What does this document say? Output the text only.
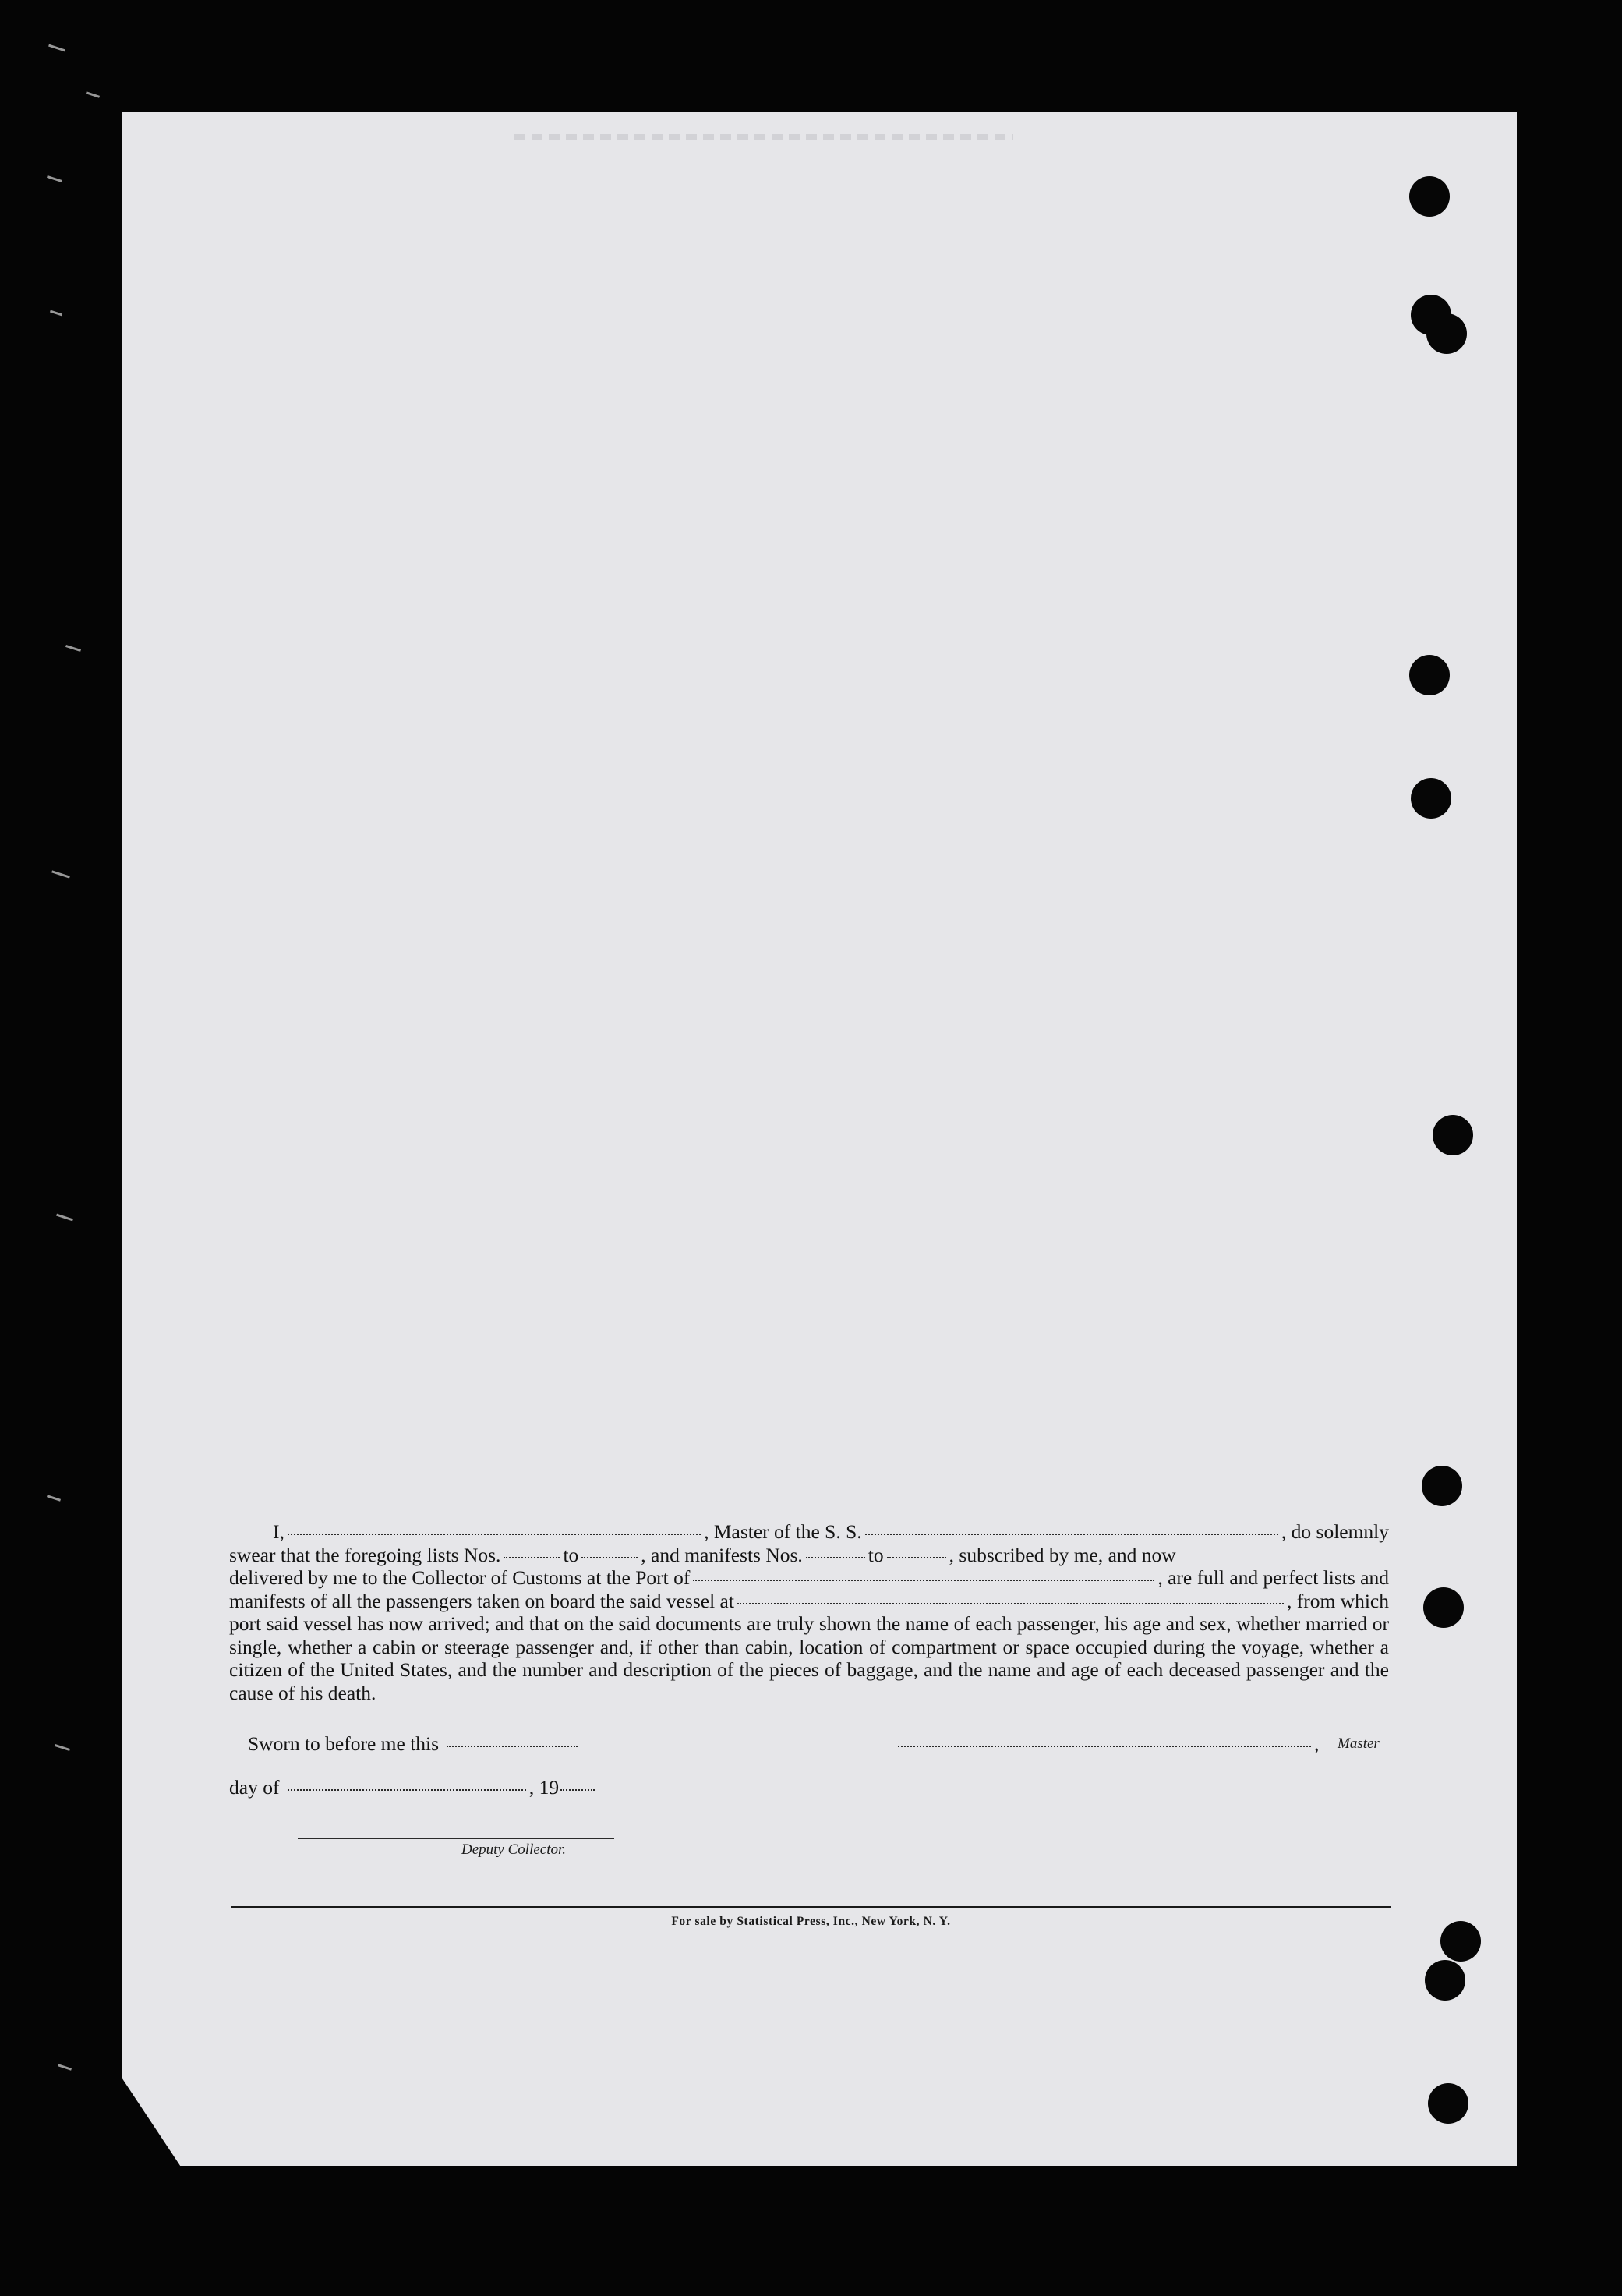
I,	, Master of the S. S.	, do solemnly
swear that the foregoing lists Nos.	to	, and manifests Nos.	to	, subscribed by me, and now
delivered by me to the Collector of Customs at the Port of	, are full and perfect lists and
manifests of all the passengers taken on board the said vessel at	, from which
port said vessel has now arrived; and that on the said documents are truly shown the name of each passenger, his age and sex, whether married or single, whether a cabin or steerage passenger and, if other than cabin, location of compartment or space occupied during the voyage, whether a citizen of the United States, and the number and description of the pieces of baggage, and the name and age of each deceased passenger and the cause of his death.
Sworn to before me this	, Master
day of	, 19
Deputy Collector.
For sale by Statistical Press, Inc., New York, N. Y.
